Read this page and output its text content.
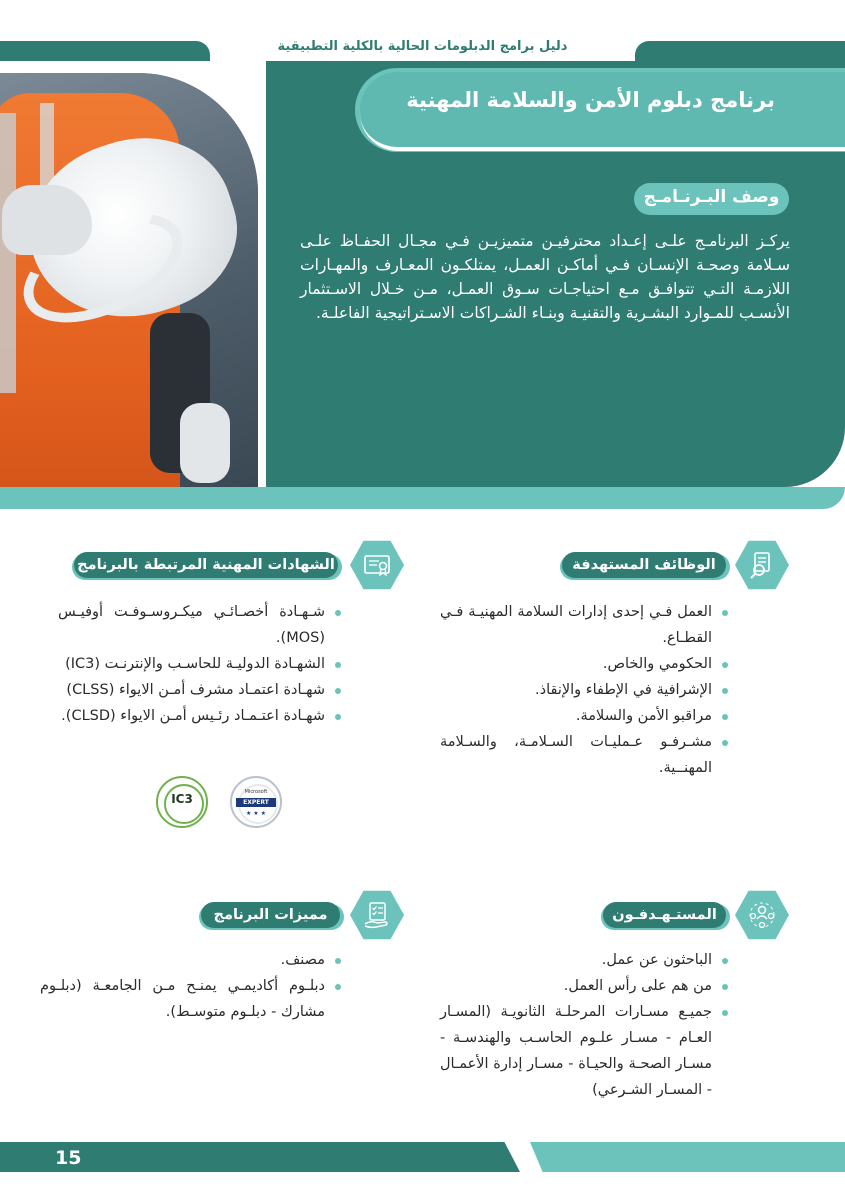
دليل برامج الدبلومات الحالية بالكلية التطبيقية
برنامج دبلوم الأمن والسلامة المهنية
وصف البـرنـامـج
يركـز البرنامـج علـى إعـداد محترفيـن متميزيـن فـي مجـال الحفـاظ علـى سـلامة وصحـة الإنسـان فـي أماكـن العمـل، يمتلكـون المعـارف والمهـارات اللازمـة التـي تتوافـق مـع احتياجـات سـوق العمـل، مـن خـلال الاسـتثمار الأنسـب للمـوارد البشـرية والتقنيـة وبنـاء الشـراكات الاسـتراتيجية الفاعلـة.
الوظائف المستهدفة
العمل فـي إحدى إدارات السلامة المهنيـة فـي القطـاع.
الحكومي والخاص.
الإشرافية في الإطفاء والإنقاذ.
مراقبو الأمن والسلامة.
مشـرفـو عـمليـات السـلامـة، والسـلامة المهنــية.
الشهادات المهنية المرتبطة بالبرنامج
شـهـادة أخصـائـي ميكـروسـوفـت أوفيـس (MOS).
الشهـادة الدوليـة للحاسـب والإنترنـت (IC3)
شهـادة اعتمـاد مشرف أمـن الايواء (CLSS)
شهـادة اعتـمـاد رئـيس أمـن الايواء (CLSD).
IC3	Microsoft
EXPERT
★ ★ ★
المستـهـدفـون
الباحثون عن عمل.
من هم على رأس العمل.
جميـع مسـارات المرحلـة الثانويـة (المسـار العـام - مسـار علـوم الحاسـب والهندسـة - مسـار الصحـة والحيـاة - مسـار إدارة الأعمـال - المسـار الشـرعي)
مميزات البرنامج
مصنف.
دبلـوم أكاديمـي يمنـح مـن الجامعـة (دبلـوم مشارك - دبلـوم متوسـط).
15
